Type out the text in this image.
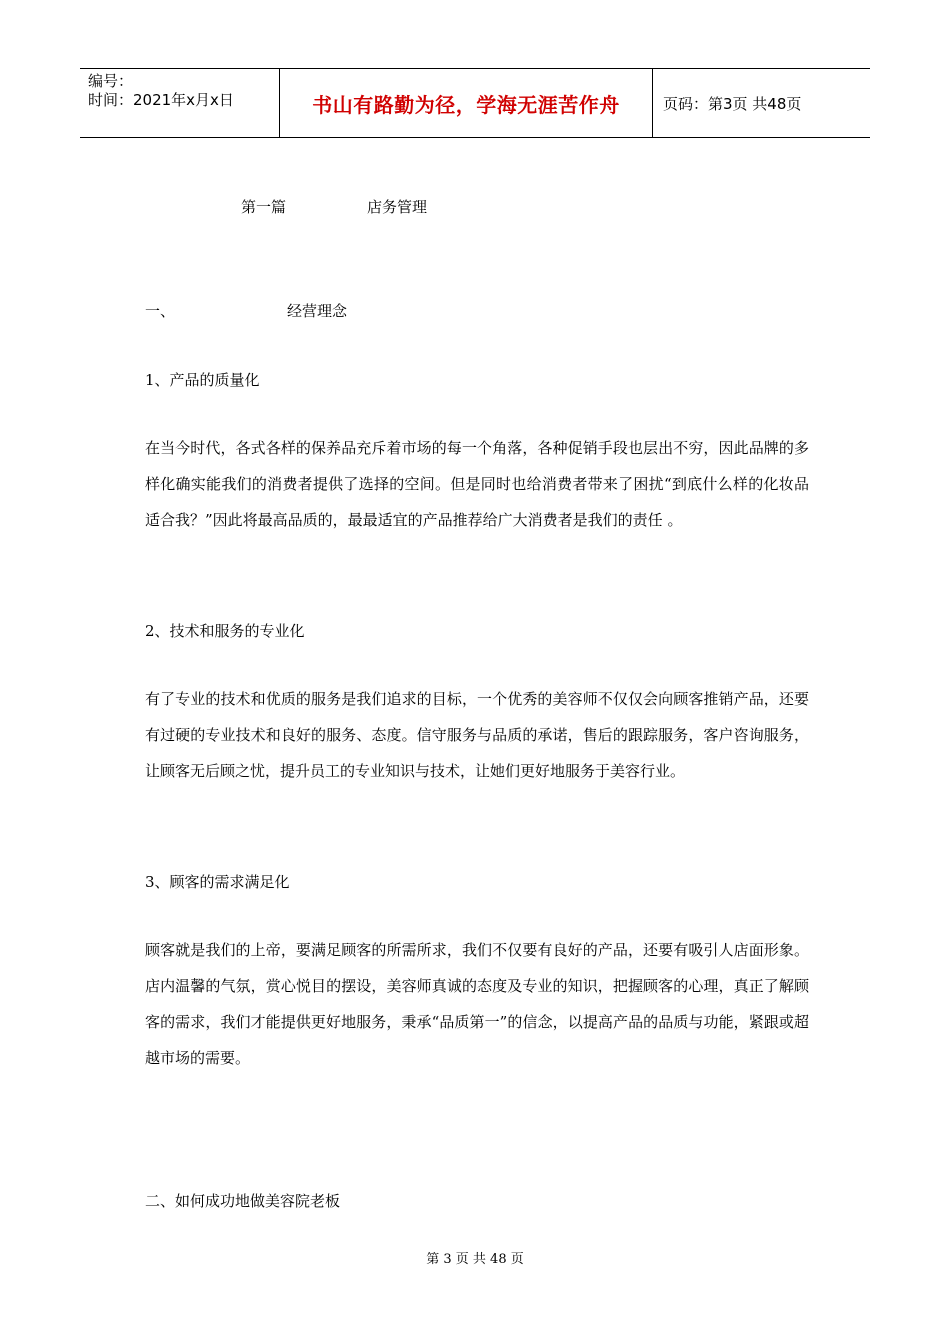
编号：
时间：2021年x月x日	书山有路勤为径，学海无涯苦作舟	页码：第3页 共48页
第一篇	店务管理
一、	经营理念
1、产品的质量化
在当今时代，各式各样的保养品充斥着市场的每一个角落，各种促销手段也层出不穷，因此品牌的多样化确实能我们的消费者提供了选择的空间。但是同时也给消费者带来了困扰“到底什么样的化妆品适合我？”因此将最高品质的，最最适宜的产品推荐给广大消费者是我们的责任 。
2、技术和服务的专业化
有了专业的技术和优质的服务是我们追求的目标，一个优秀的美容师不仅仅会向顾客推销产品，还要有过硬的专业技术和良好的服务、态度。信守服务与品质的承诺，售后的跟踪服务，客户咨询服务，让顾客无后顾之忧，提升员工的专业知识与技术，让她们更好地服务于美容行业。
3、顾客的需求满足化
顾客就是我们的上帝，要满足顾客的所需所求，我们不仅要有良好的产品，还要有吸引人店面形象。店内温馨的气氛，赏心悦目的摆设，美容师真诚的态度及专业的知识，把握顾客的心理，真正了解顾客的需求，我们才能提供更好地服务，秉承“品质第一”的信念，以提高产品的品质与功能，紧跟或超越市场的需要。
二、如何成功地做美容院老板
第 3 页 共 48 页
